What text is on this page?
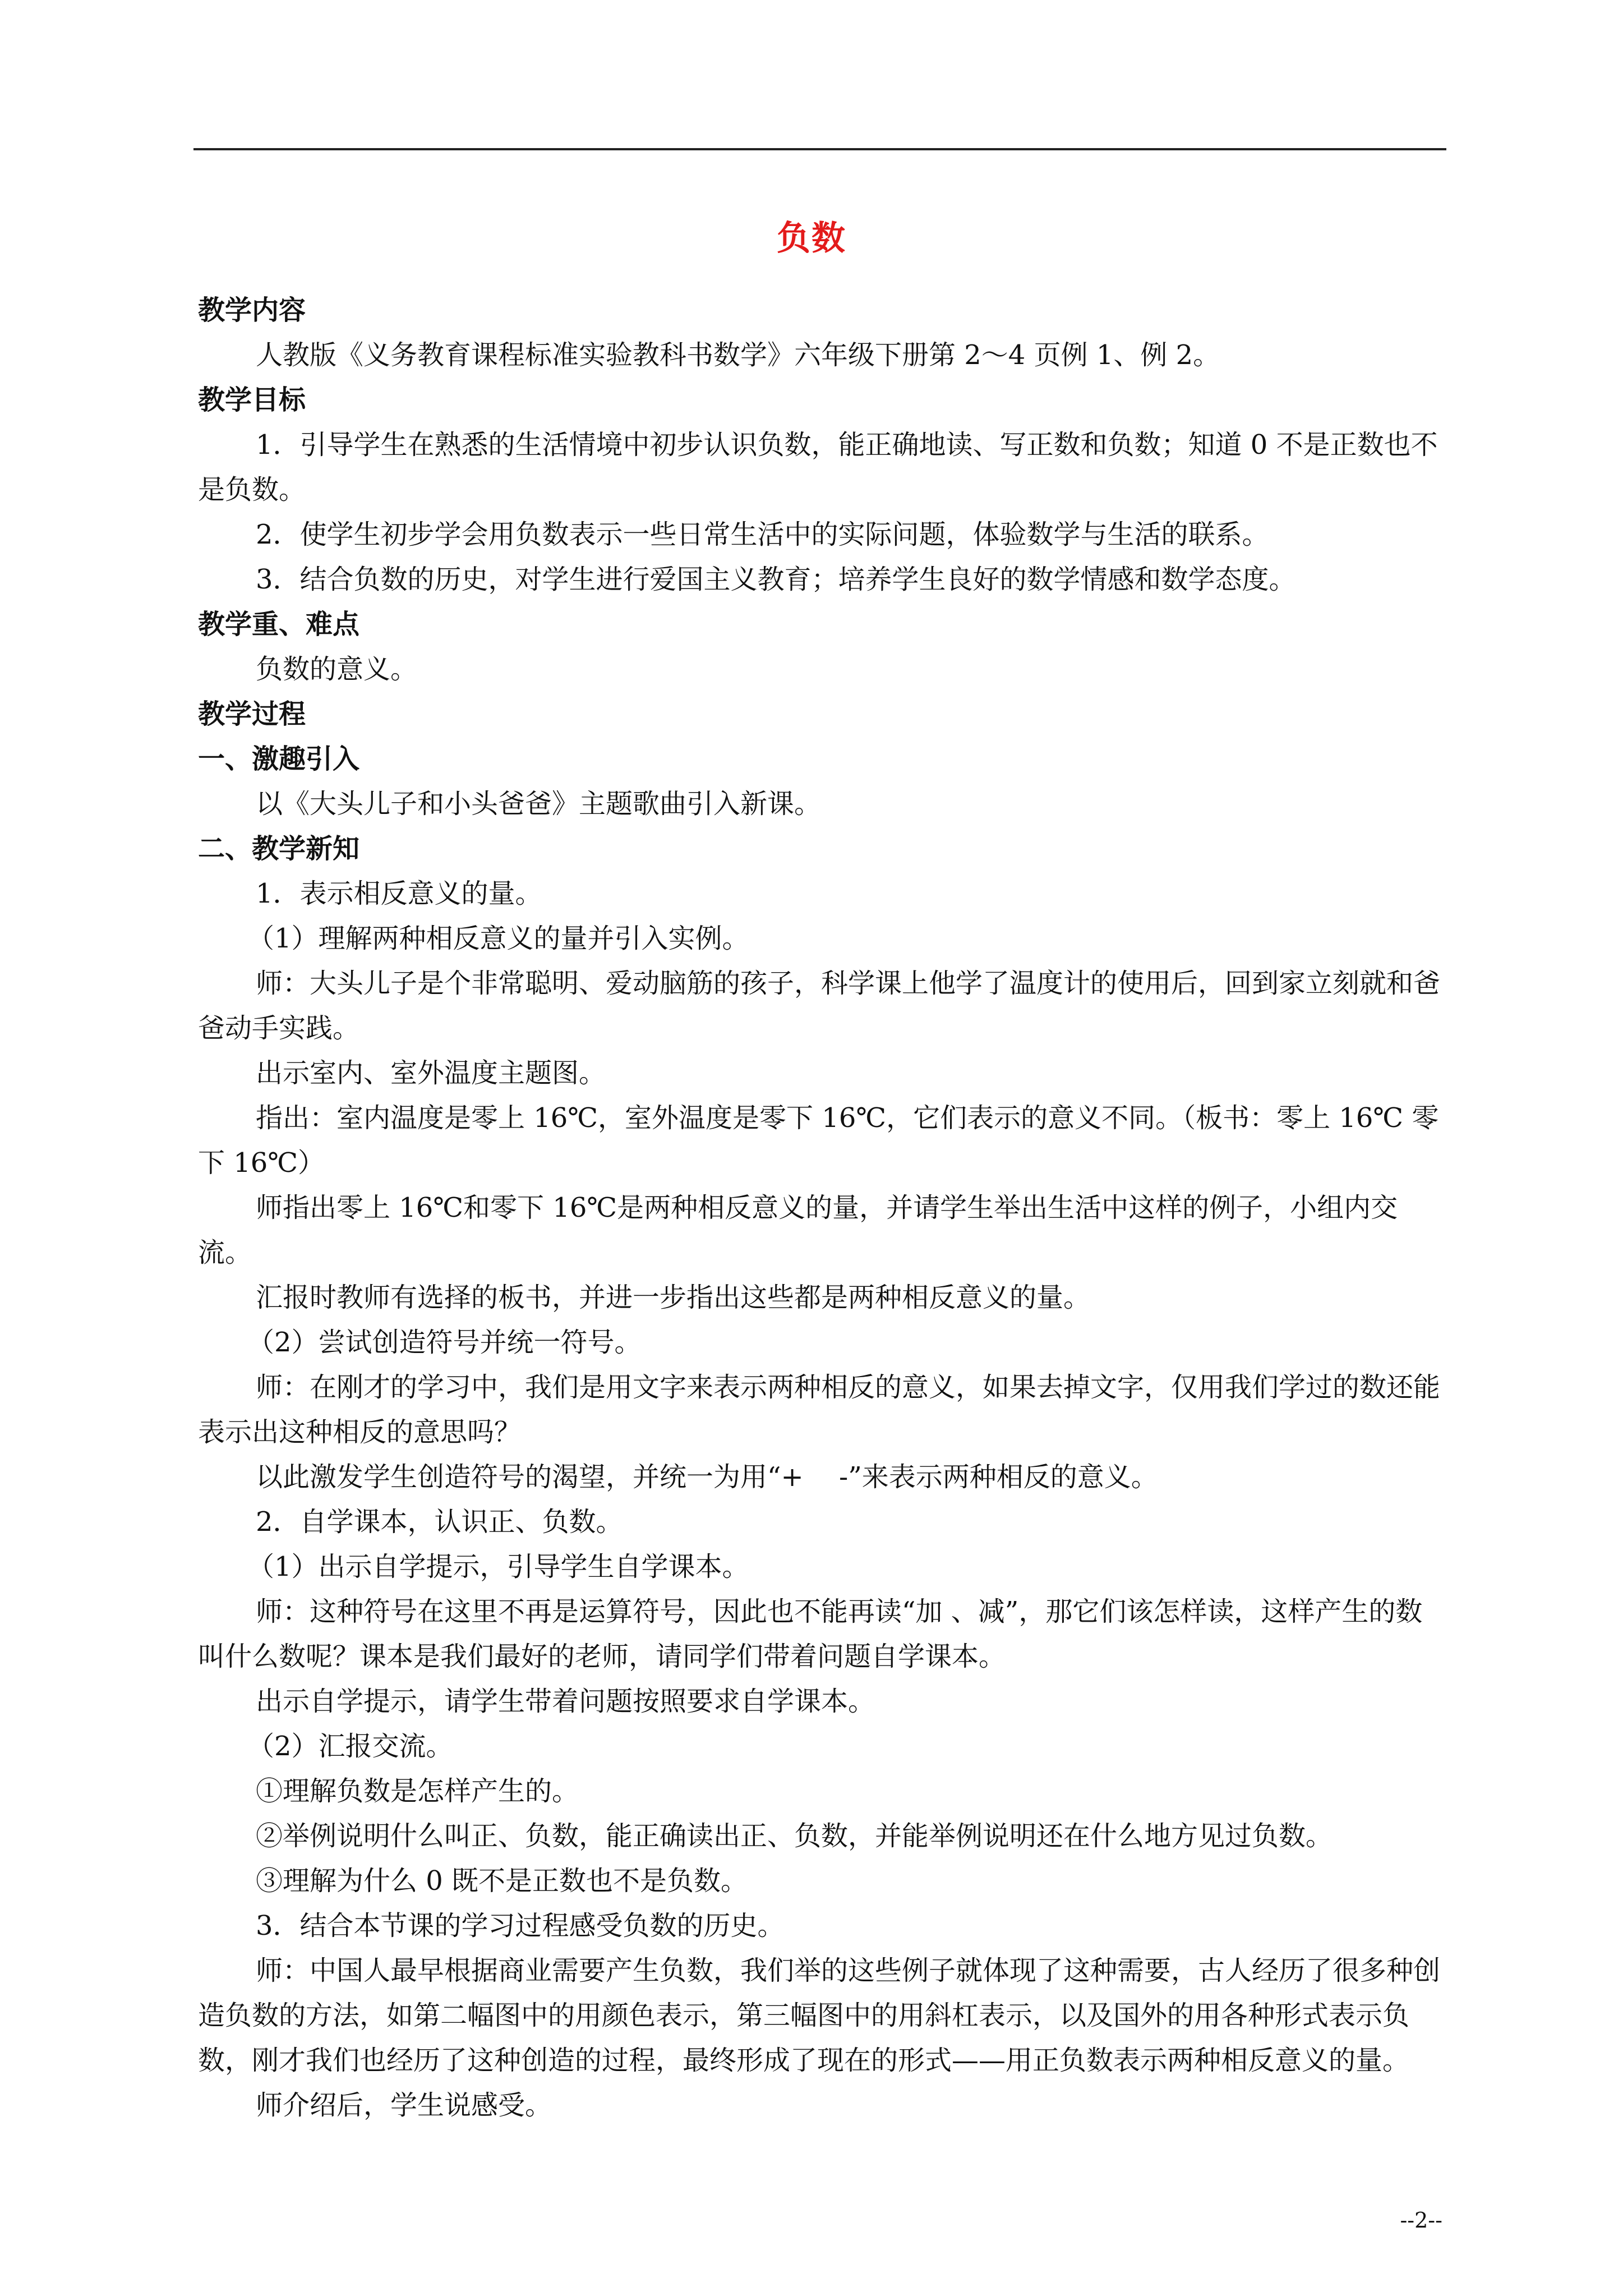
负数

教学内容

人教版《义务教育课程标准实验教科书数学》六年级下册第 2～4 页例 1、例 2。

教学目标

1．引导学生在熟悉的生活情境中初步认识负数，能正确地读、写正数和负数；知道 0 不是正数也不是负数。

2．使学生初步学会用负数表示一些日常生活中的实际问题，体验数学与生活的联系。

3．结合负数的历史，对学生进行爱国主义教育；培养学生良好的数学情感和数学态度。

教学重、难点

负数的意义。

教学过程

一、激趣引入

以《大头儿子和小头爸爸》主题歌曲引入新课。

二、教学新知

1．表示相反意义的量。

（1）理解两种相反意义的量并引入实例。

师：大头儿子是个非常聪明、爱动脑筋的孩子，科学课上他学了温度计的使用后，回到家立刻就和爸爸动手实践。

出示室内、室外温度主题图。

指出：室内温度是零上 16℃，室外温度是零下 16℃，它们表示的意义不同。（板书：零上 16℃ 零下 16℃）

师指出零上 16℃和零下 16℃是两种相反意义的量，并请学生举出生活中这样的例子，小组内交流。

汇报时教师有选择的板书，并进一步指出这些都是两种相反意义的量。

（2）尝试创造符号并统一符号。

师：在刚才的学习中，我们是用文字来表示两种相反的意义，如果去掉文字，仅用我们学过的数还能表示出这种相反的意思吗？

以此激发学生创造符号的渴望，并统一为用“+　 -”来表示两种相反的意义。

2．自学课本，认识正、负数。

（1）出示自学提示，引导学生自学课本。

师：这种符号在这里不再是运算符号，因此也不能再读“加 、减”，那它们该怎样读，这样产生的数叫什么数呢？课本是我们最好的老师，请同学们带着问题自学课本。

出示自学提示，请学生带着问题按照要求自学课本。

（2）汇报交流。

①理解负数是怎样产生的。

②举例说明什么叫正、负数，能正确读出正、负数，并能举例说明还在什么地方见过负数。

③理解为什么 0 既不是正数也不是负数。

3．结合本节课的学习过程感受负数的历史。

师：中国人最早根据商业需要产生负数，我们举的这些例子就体现了这种需要，古人经历了很多种创造负数的方法，如第二幅图中的用颜色表示，第三幅图中的用斜杠表示，以及国外的用各种形式表示负数，刚才我们也经历了这种创造的过程，最终形成了现在的形式——用正负数表示两种相反意义的量。

师介绍后，学生说感受。

--2--
